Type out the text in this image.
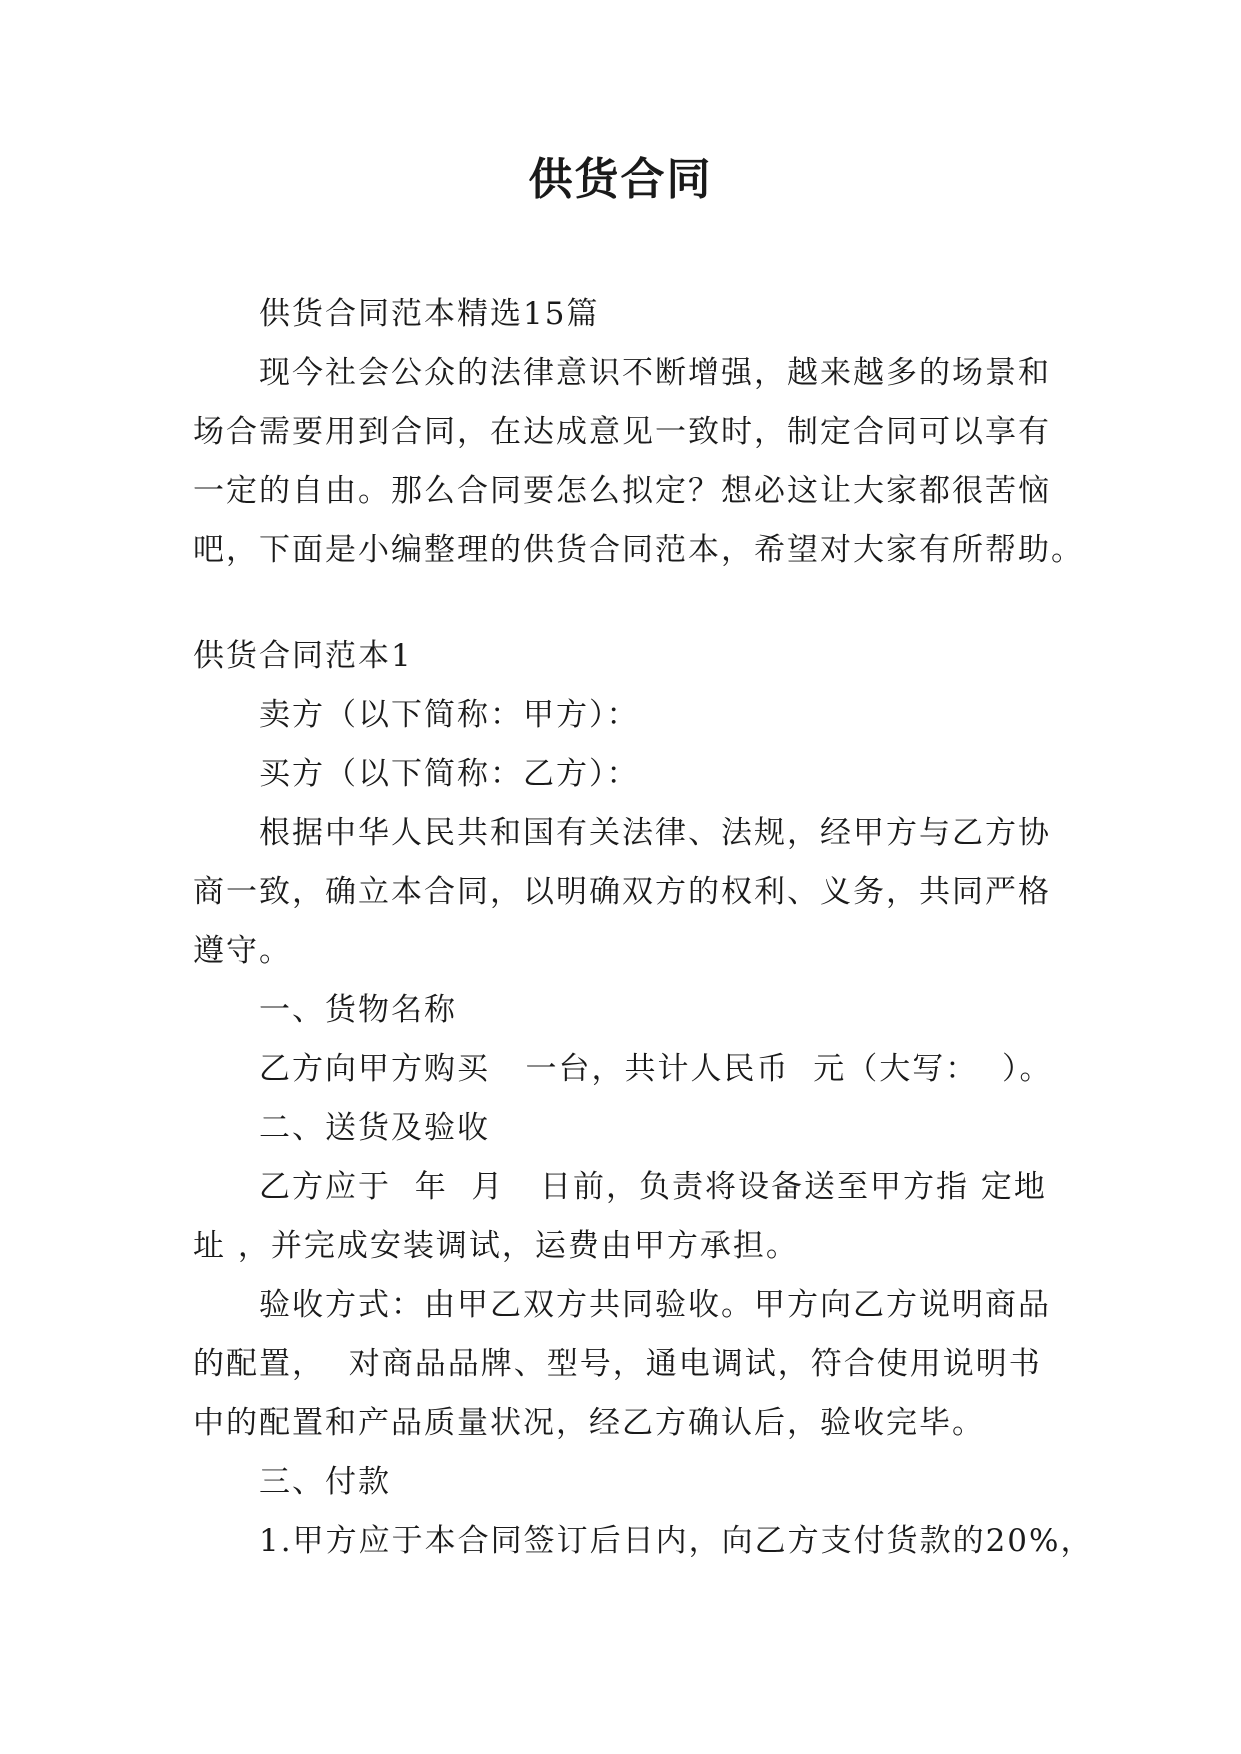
供货合同

供货合同范本精选15篇

现今社会公众的法律意识不断增强，越来越多的场景和

场合需要用到合同，在达成意见一致时，制定合同可以享有

一定的自由。那么合同要怎么拟定？想必这让大家都很苦恼

吧，下面是小编整理的供货合同范本，希望对大家有所帮助。

供货合同范本1

卖方（以下简称：甲方）：

买方（以下简称：乙方）：

根据中华人民共和国有关法律、法规，经甲方与乙方协

商一致，确立本合同，以明确双方的权利、义务，共同严格

遵守。

一、货物名称

乙方向甲方购买   一台，共计人民币  元（大写：  ）。

二、送货及验收

乙方应于  年  月   日前，负责将设备送至甲方指 定地

址 ，并完成安装调试，运费由甲方承担。

验收方式：由甲乙双方共同验收。甲方向乙方说明商品

的配置，  对商品品牌、型号，通电调试，符合使用说明书

中的配置和产品质量状况，经乙方确认后，验收完毕。

三、付款

1.甲方应于本合同签订后日内，向乙方支付货款的20%，
